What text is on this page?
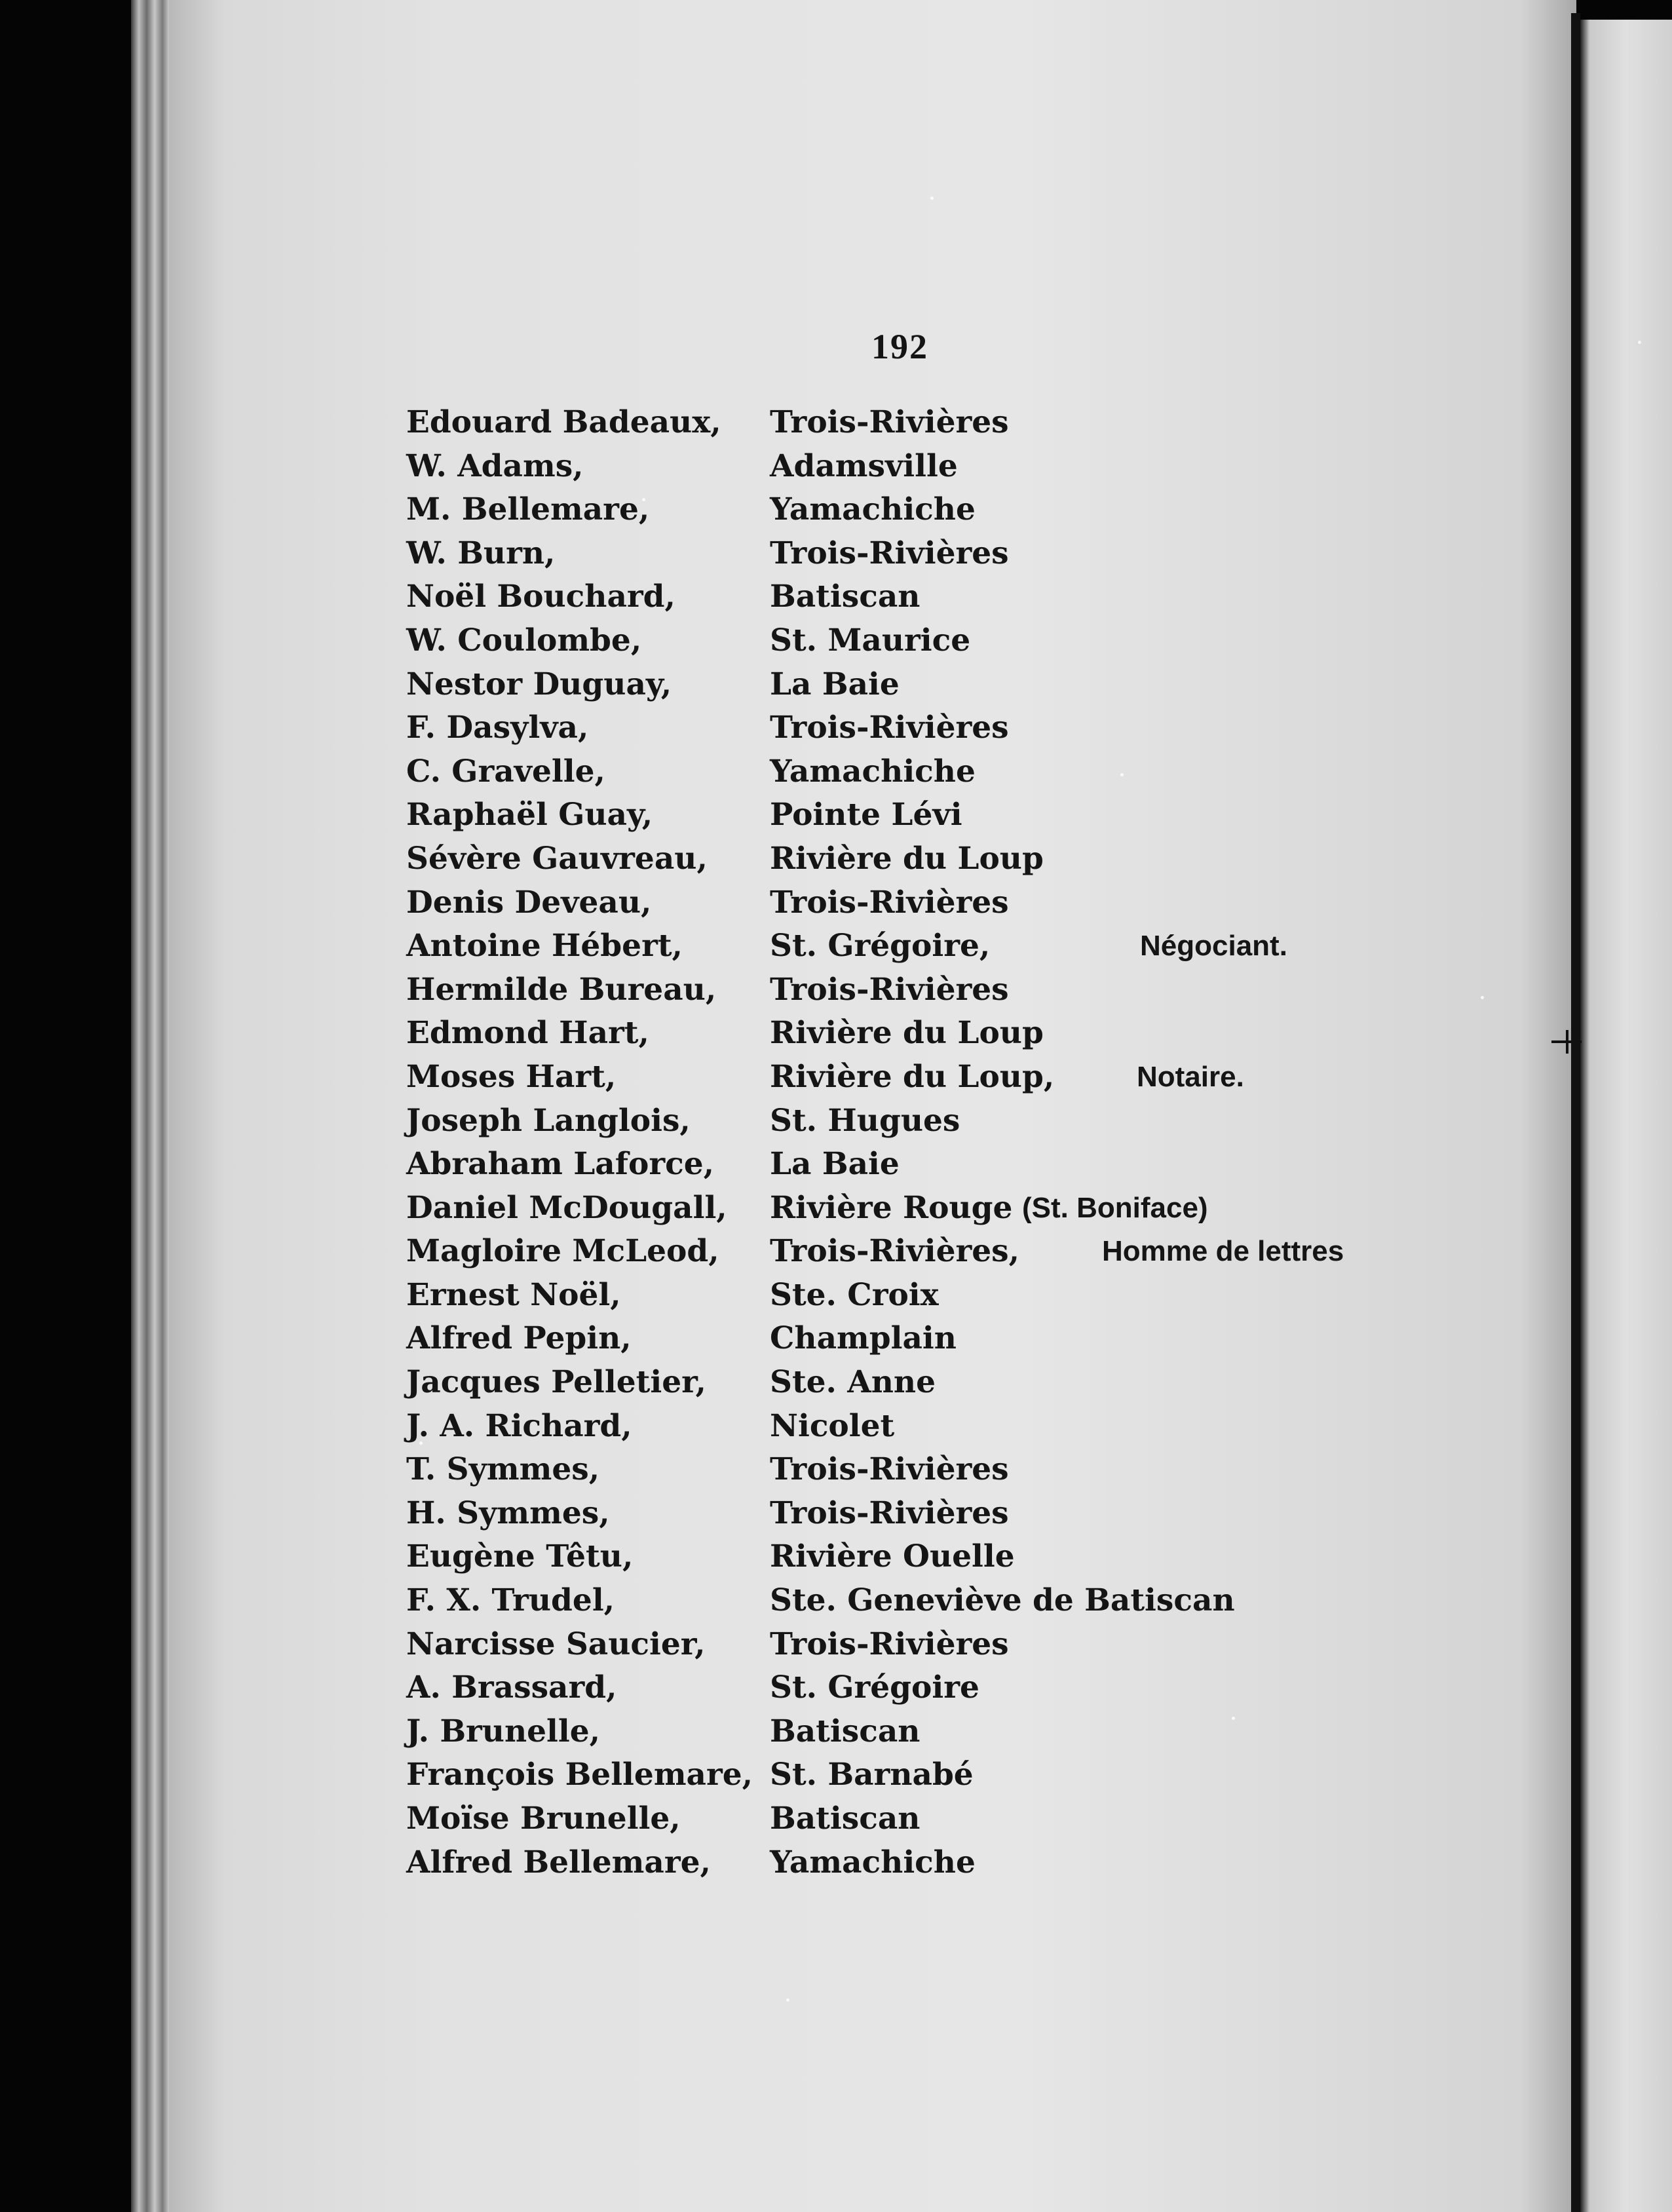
192
Edouard Badeaux, Trois-Rivières
W. Adams,	Adamsville
M. Bellemare,	Yamachiche
W. Burn,	Trois-Rivières
Noël Bouchard,	Batiscan
W. Coulombe,	St. Maurice
Nestor Duguay,	La Baie
F. Dasylva,	Trois-Rivières
C. Gravelle,	Yamachiche
Raphaël Guay,	Pointe Lévi
Sévère Gauvreau, Rivière du Loup
Denis Deveau,	Trois-Rivières
Antoine Hébert,	St. Grégoire,	Négociant.
Hermilde Bureau, Trois-Rivières
Edmond Hart,	Rivière du Loup
Moses Hart,	Rivière du Loup,	Notaire.
Joseph Langlois,	St. Hugues
Abraham Laforce, La Baie
Daniel McDougall, Rivière Rouge (St. Boniface)
Magloire McLeod, Trois-Rivières,	Homme de lettres
Ernest Noël,	Ste. Croix
Alfred Pepin,	Champlain
Jacques Pelletier, Ste. Anne
J. A. Richard,	Nicolet
T. Symmes,	Trois-Rivières
H. Symmes,	Trois-Rivières
Eugène Têtu,	Rivière Ouelle
F. X. Trudel,	Ste. Geneviève de Batiscan
Narcisse Saucier, Trois-Rivières
A. Brassard,	St. Grégoire
J. Brunelle,	Batiscan
François Bellemare, St. Barnabé
Moïse Brunelle,	Batiscan
Alfred Bellemare, Yamachiche
